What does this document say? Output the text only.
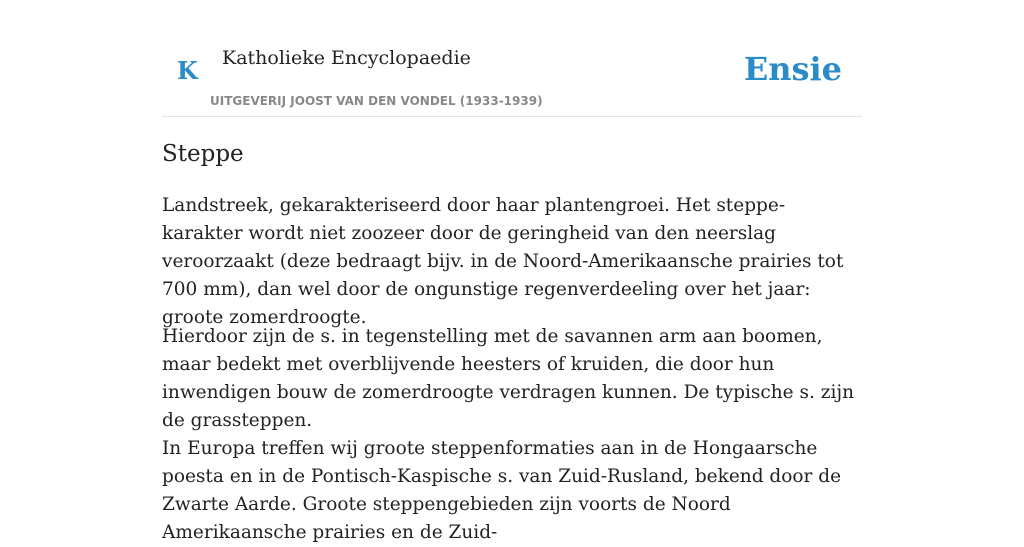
K Katholieke Encyclopaedie
UITGEVERIJ JOOST VAN DEN VONDEL (1933-1939)
Ensie
Steppe

Landstreek, gekarakteriseerd door haar plantengroei. Het steppe-karakter wordt niet zoozeer door de geringheid van den neerslag veroorzaakt (deze bedraagt bijv. in de Noord-Amerikaansche prairies tot 700 mm), dan wel door de ongunstige regenverdeeling over het jaar: groote zomerdroogte.

Hierdoor zijn de s. in tegenstelling met de savannen arm aan boomen, maar bedekt met overblijvende heesters of kruiden, die door hun inwendigen bouw de zomerdroogte verdragen kunnen. De typische s. zijn de grassteppen.

In Europa treffen wij groote steppenformaties aan in de Hongaarsche poesta en in de Pontisch-Kaspische s. van Zuid-Rusland, bekend door de Zwarte Aarde. Groote steppengebieden zijn voorts de Noord Amerikaansche prairies en de Zuid-
